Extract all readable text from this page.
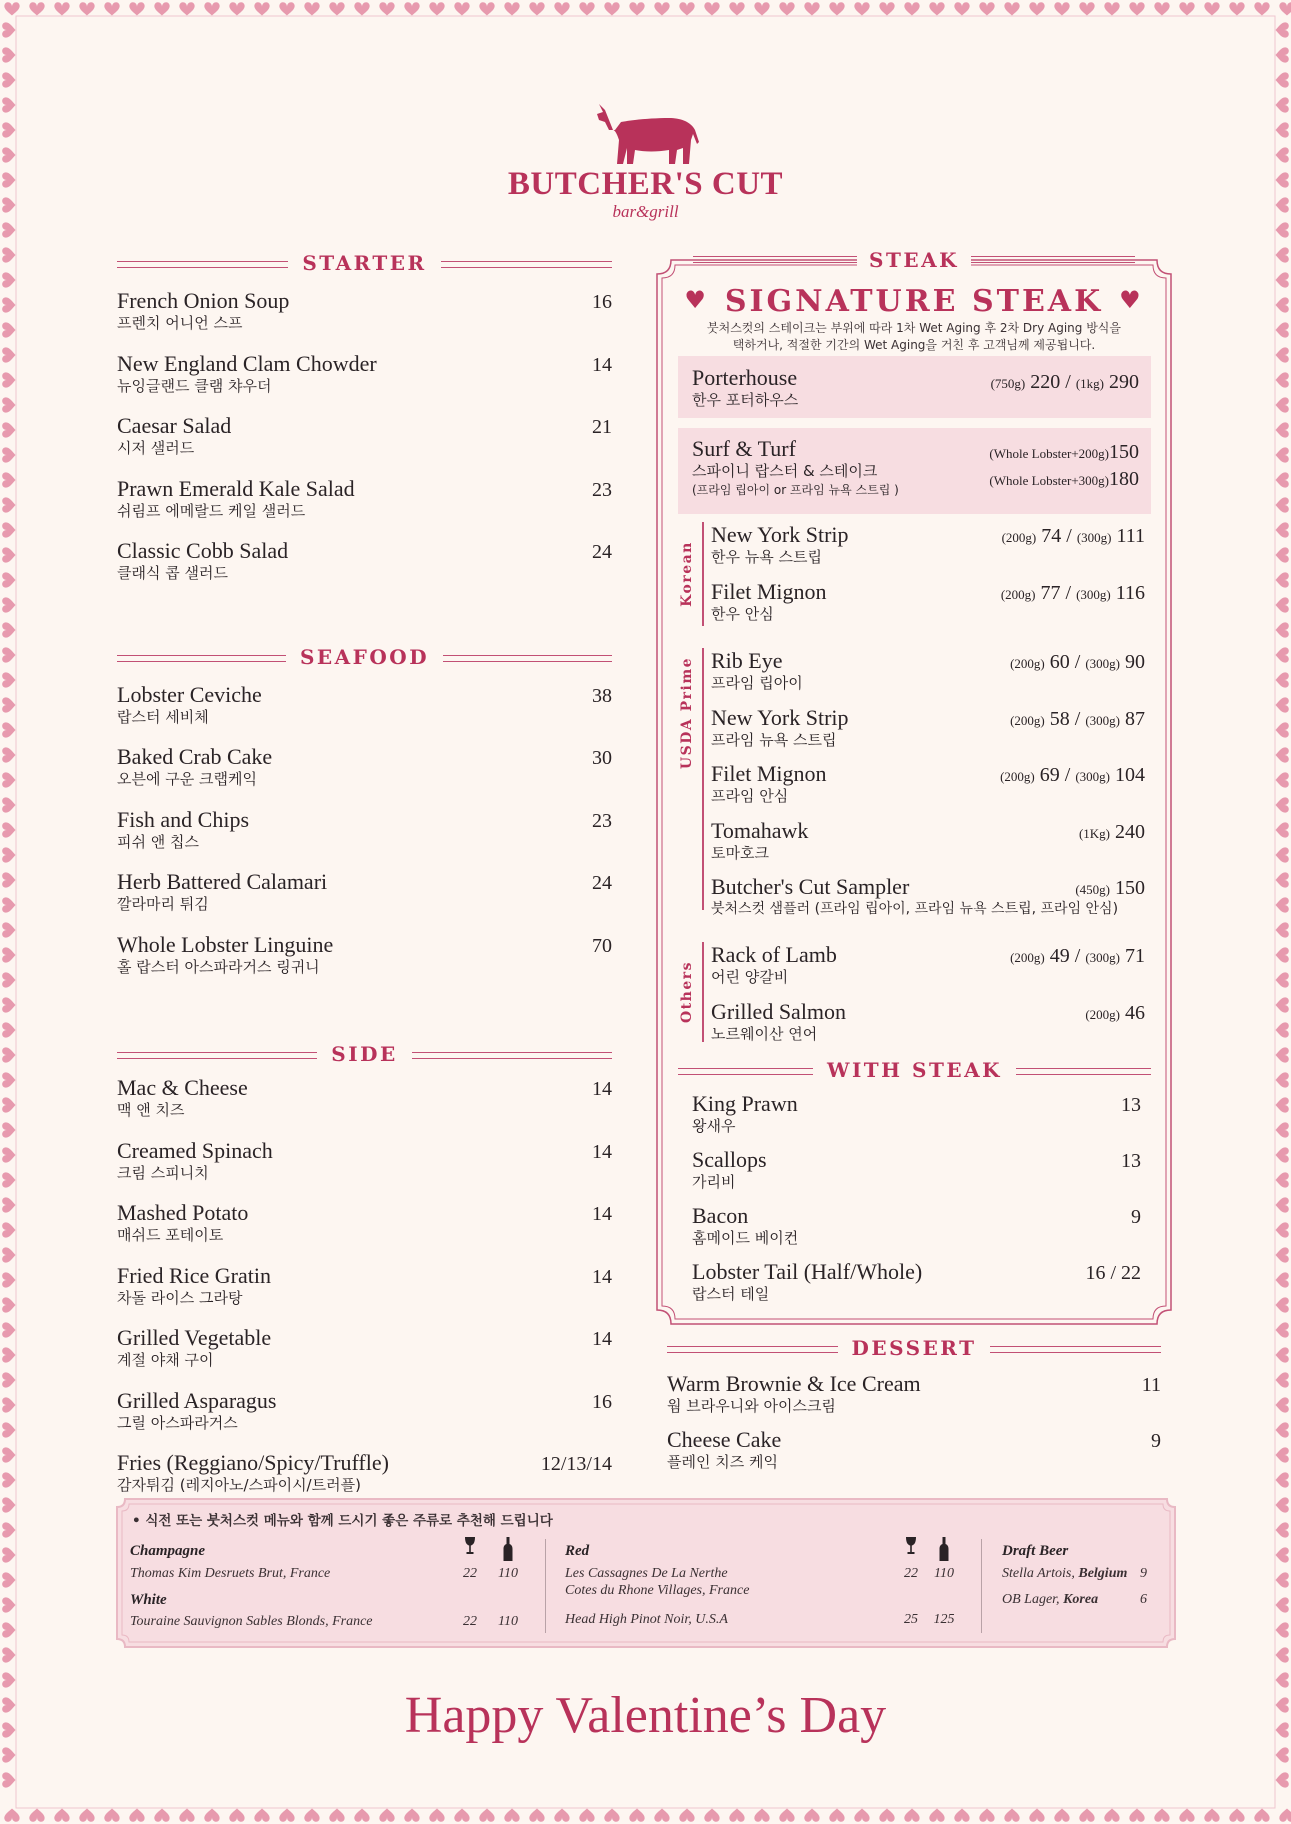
BUTCHER'S CUT
bar&grill
STARTER
French Onion Soup
프렌치 어니언 스프
16
New England Clam Chowder
뉴잉글랜드 클램 챠우더
14
Caesar Salad
시저 샐러드
21
Prawn Emerald Kale Salad
쉬림프 에메랄드 케일 샐러드
23
Classic Cobb Salad
클래식 콥 샐러드
24
SEAFOOD
Lobster Ceviche
랍스터 세비체
38
Baked Crab Cake
오븐에 구운 크랩케익
30
Fish and Chips
피쉬 앤 칩스
23
Herb Battered Calamari
깔라마리 튀김
24
Whole Lobster Linguine
홀 랍스터 아스파라거스 링귀니
70
SIDE
Mac & Cheese
맥 앤 치즈
14
Creamed Spinach
크림 스피니치
14
Mashed Potato
매쉬드 포테이토
14
Fried Rice Gratin
차돌 라이스 그라탕
14
Grilled Vegetable
계절 야채 구이
14
Grilled Asparagus
그릴 아스파라거스
16
Fries (Reggiano/Spicy/Truffle)
감자튀김 (레지아노/스파이시/트러플)
12/13/14
STEAK
♥ SIGNATURE STEAK ♥
붓처스컷의 스테이크는 부위에 따라 1차 Wet Aging 후 2차 Dry Aging 방식을
택하거나, 적절한 기간의 Wet Aging을 거친 후 고객님께 제공됩니다.
Porterhouse
한우 포터하우스
(750g) 220 / (1kg) 290
Surf & Turf
스파이니 랍스터 & 스테이크
(프라임 립아이 or 프라임 뉴욕 스트립 )
(Whole Lobster+200g)150
(Whole Lobster+300g)180
Korean
New York Strip
한우 뉴욕 스트립
(200g) 74 / (300g) 111
Filet Mignon
한우 안심
(200g) 77 / (300g) 116
USDA Prime Rib Eye
프라임 립아이
(200g) 60 / (300g) 90
New York Strip
프라임 뉴욕 스트립
(200g) 58 / (300g) 87
Filet Mignon
프라임 안심
(200g) 69 / (300g) 104
Tomahawk
토마호크
(1Kg) 240
Butcher's Cut Sampler
붓처스컷 샘플러 (프라임 립아이, 프라임 뉴욕 스트립, 프라임 안심)
(450g) 150
Others
Rack of Lamb
어린 양갈비
(200g) 49 / (300g) 71
Grilled Salmon
노르웨이산 연어
(200g) 46
WITH STEAK
King Prawn
왕새우
13
Scallops
가리비
13
Bacon
홈메이드 베이컨
9
Lobster Tail (Half/Whole)
랍스터 테일
16 / 22
DESSERT
Warm Brownie & Ice Cream
웜 브라우니와 아이스크림
11
Cheese Cake
플레인 치즈 케익
9
• 식전 또는 붓처스컷 메뉴와 함께 드시기 좋은 주류로 추천해 드립니다
Champagne
Thomas Kim Desruets Brut, France	22	110
White
Touraine Sauvignon Sables Blonds, France	22	110
Red
Les Cassagnes De La Nerthe
Cotes du Rhone Villages, France
22	110
Head High Pinot Noir, U.S.A	25	125
Draft Beer
Stella Artois, Belgium 9
OB Lager, Korea	6
Happy Valentine’s Day
